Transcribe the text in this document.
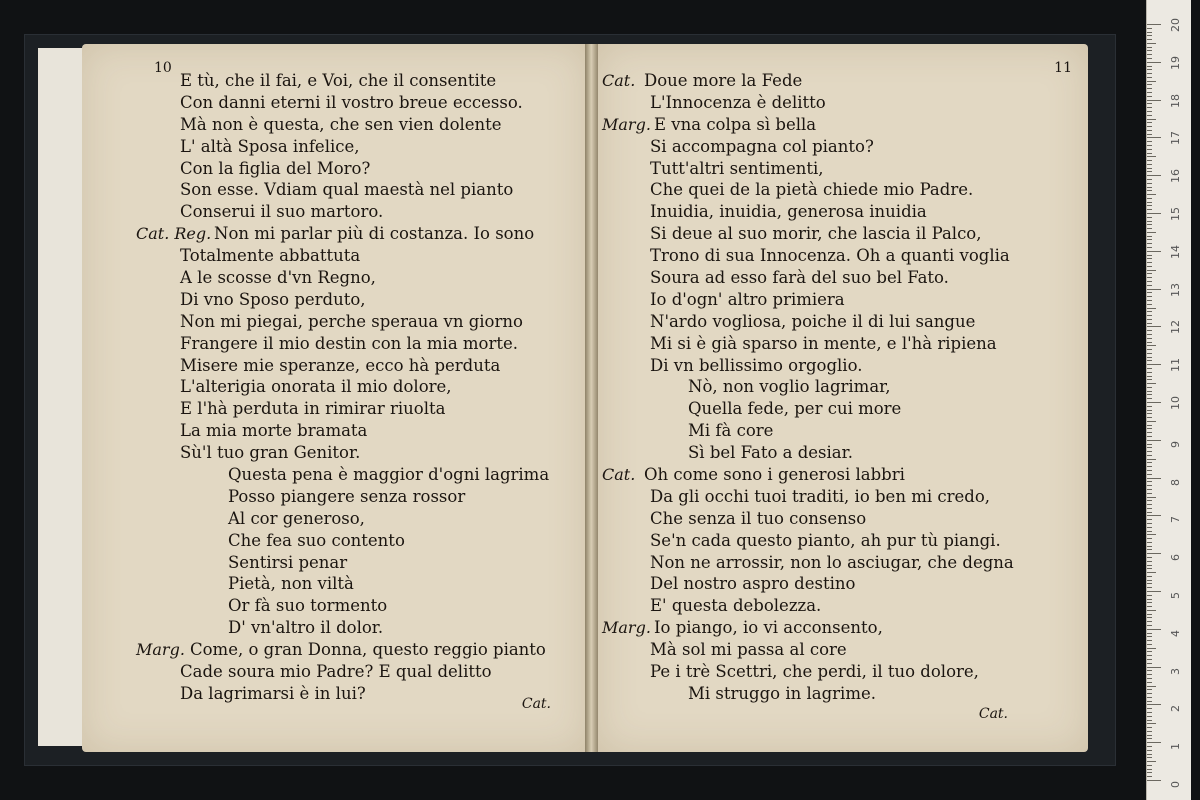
10
E tù, che il fai, e Voi, che il consentite
Con danni eterni il vostro breue eccesso.
Mà non è questa, che sen vien dolente
L' altà Sposa infelice,
Con la figlia del Moro?
Son esse. Vdiam qual maestà nel pianto
Conserui il suo martoro.
Cat. Reg. Non mi parlar più di costanza. Io sono
Totalmente abbattuta
A le scosse d'vn Regno,
Di vno Sposo perduto,
Non mi piegai, perche speraua vn giorno
Frangere il mio destin con la mia morte.
Misere mie speranze, ecco hà perduta
L'alterigia onorata il mio dolore,
E l'hà perduta in rimirar riuolta
La mia morte bramata
Sù'l tuo gran Genitor.
Questa pena è maggior d'ogni lagrima
Posso piangere senza rossor
Al cor generoso,
Che fea suo contento
Sentirsi penar
Pietà, non viltà
Or fà suo tormento
D' vn'altro il dolor.
Marg. Come, o gran Donna, questo reggio pianto
Cade soura mio Padre? E qual delitto
Da lagrimarsi è in lui?
Cat.
11
Cat. Doue more la Fede
L'Innocenza è delitto
Marg. E vna colpa sì bella
Si accompagna col pianto?
Tutt'altri sentimenti,
Che quei de la pietà chiede mio Padre.
Inuidia, inuidia, generosa inuidia
Si deue al suo morir, che lascia il Palco,
Trono di sua Innocenza. Oh a quanti voglia
Soura ad esso farà del suo bel Fato.
Io d'ogn' altro primiera
N'ardo vogliosa, poiche il di lui sangue
Mi si è già sparso in mente, e l'hà ripiena
Di vn bellissimo orgoglio.
Nò, non voglio lagrimar,
Quella fede, per cui more
Mi fà core
Sì bel Fato a desiar.
Cat. Oh come sono i generosi labbri
Da gli occhi tuoi traditi, io ben mi credo,
Che senza il tuo consenso
Se'n cada questo pianto, ah pur tù piangi.
Non ne arrossir, non lo asciugar, che degna
Del nostro aspro destino
E' questa debolezza.
Marg. Io piango, io vi acconsento,
Mà sol mi passa al core
Pe i trè Scettri, che perdi, il tuo dolore,
Mi struggo in lagrime.
Cat.
20
19
18
17
16
15
14
13
12
11
10
9
8
7
6
5
4
3
2
1
0
